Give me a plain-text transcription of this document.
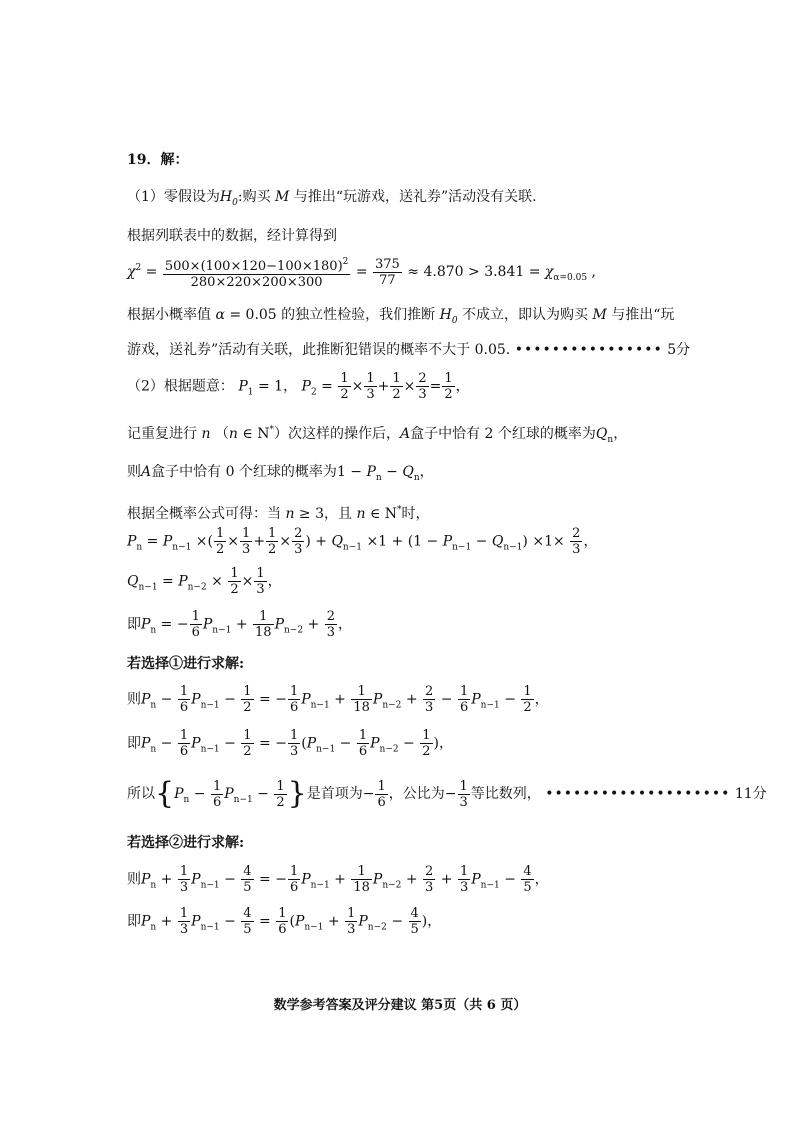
19．解：
（1）零假设为$H_0$:购买 M 与推出“玩游戏，送礼券”活动没有关联.
根据列联表中的数据，经计算得到
$\chi^2 = \frac{500\times(100\times 120-100\times 180)^2}{280\times 220\times 200\times 300} = \frac{375}{77} \approx 4.870 > 3.841 = \chi_{\alpha=0.05}$ ,
根据小概率值 α = 0.05 的独立性检验，我们推断 $H_0$ 不成立，即认为购买 M 与推出“玩
游戏，送礼券”活动有关联，此推断犯错误的概率不大于 0.05. •••••••••••••••• 5分
（2）根据题意： $P_1 = 1$， $P_2 = \frac{1}{2} \times \frac{1}{3} + \frac{1}{2} \times \frac{2}{3} = \frac{1}{2}$ ，
记重复进行 n （n ∈ N*）次这样的操作后，A盒子中恰有 2 个红球的概率为$Q_n$，
则A盒子中恰有 0 个红球的概率为$1 - P_n - Q_n$，
根据全概率公式可得：当 n ≥ 3，且 n ∈ N*时，
$P_n = P_{n-1}$ ×( $\frac{1}{2} \times \frac{1}{3} + \frac{1}{2} \times \frac{2}{3}$ ) + $Q_{n-1} \times 1 + (1 - P_{n-1} - Q_{n-1}) \times 1\times \frac{2}{3}$ ，
$Q_{n-1} = P_{n-2} \times \frac{1}{2} \times \frac{1}{3}$ ，
即$P_n$ = − $\frac{1}{6} P_{n-1} + \frac{1}{18} P_{n-2} + \frac{2}{3}$ ，
若选择①进行求解:
则$P_n - \frac{1}{6} P_{n-1} - \frac{1}{2}$ = − $\frac{1}{6} P_{n-1} + \frac{1}{18} P_{n-2} + \frac{2}{3} - \frac{1}{6} P_{n-1} - \frac{1}{2}$ ，
即$P_n - \frac{1}{6} P_{n-1} - \frac{1}{2}$ = − $\frac{1}{3} (P_{n-1} - \frac{1}{6} P_{n-2} - \frac{1}{2}$ )，
所以{$P_n - \frac{1}{6} P_{n-1} - \frac{1}{2}$ }是首项为− $\frac{1}{6}$ ，公比为− $\frac{1}{3}$ 等比数列， •••••••••••••••••••• 11分
若选择②进行求解:
则$P_n + \frac{1}{3} P_{n-1} - \frac{4}{5}$ = − $\frac{1}{6} P_{n-1} + \frac{1}{18} P_{n-2} + \frac{2}{3} + \frac{1}{3} P_{n-1} - \frac{4}{5}$ ，
即$P_n + \frac{1}{3} P_{n-1} - \frac{4}{5} = \frac{1}{6} (P_{n-1} + \frac{1}{3} P_{n-2} - \frac{4}{5}$ )，
数学参考答案及评分建议 第5页（共 6 页）
